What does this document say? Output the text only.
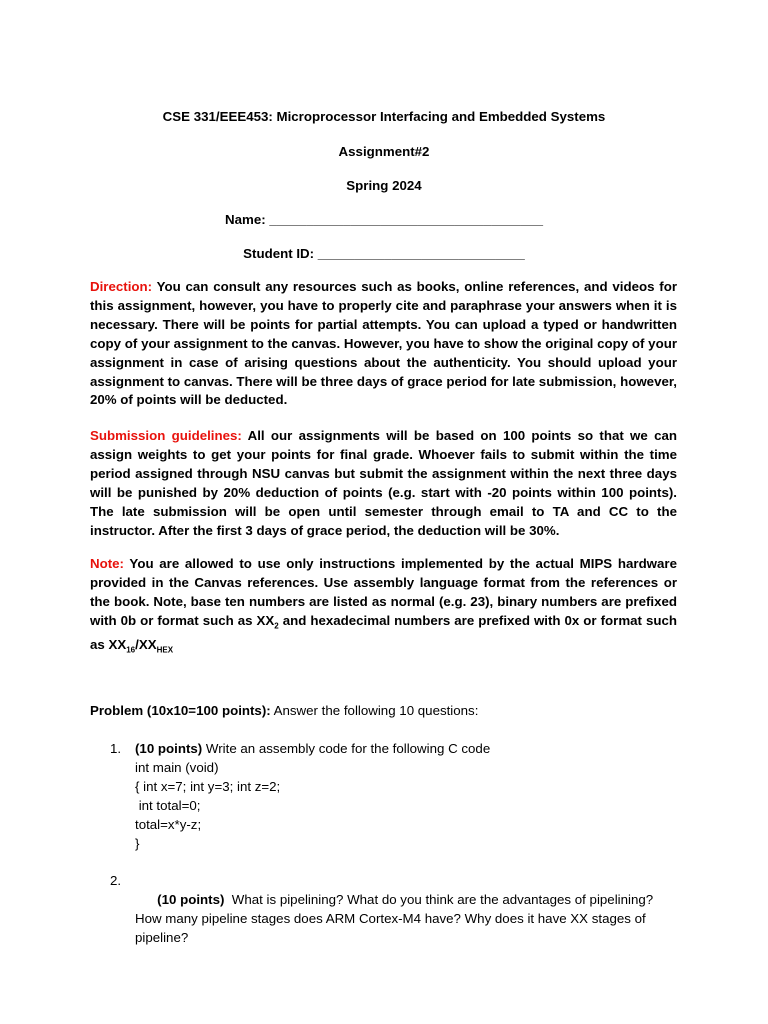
CSE 331/EEE453: Microprocessor Interfacing and Embedded Systems
Assignment#2
Spring 2024
Name: _____________________________________
Student ID: ____________________________
Direction: You can consult any resources such as books, online references, and videos for this assignment, however, you have to properly cite and paraphrase your answers when it is necessary. There will be points for partial attempts. You can upload a typed or handwritten copy of your assignment to the canvas. However, you have to show the original copy of your assignment in case of arising questions about the authenticity. You should upload your assignment to canvas. There will be three days of grace period for late submission, however, 20% of points will be deducted.
Submission guidelines: All our assignments will be based on 100 points so that we can assign weights to get your points for final grade. Whoever fails to submit within the time period assigned through NSU canvas but submit the assignment within the next three days will be punished by 20% deduction of points (e.g. start with -20 points within 100 points). The late submission will be open until semester through email to TA and CC to the instructor. After the first 3 days of grace period, the deduction will be 30%.
Note: You are allowed to use only instructions implemented by the actual MIPS hardware provided in the Canvas references. Use assembly language format from the references or the book. Note, base ten numbers are listed as normal (e.g. 23), binary numbers are prefixed with 0b or format such as $XX_2$ and hexadecimal numbers are prefixed with 0x or format such as $XX_{16}/XX_{HEX}$
Problem (10x10=100 points): Answer the following 10 questions:
1. (10 points) Write an assembly code for the following C code
int main (void)
{ int x=7; int y=3; int z=2;
int total=0;
total=x*y-z;
}
2.

(10 points)  What is pipelining? What do you think are the advantages of pipelining? How many pipeline stages does ARM Cortex-M4 have? Why does it have XX stages of pipeline?
